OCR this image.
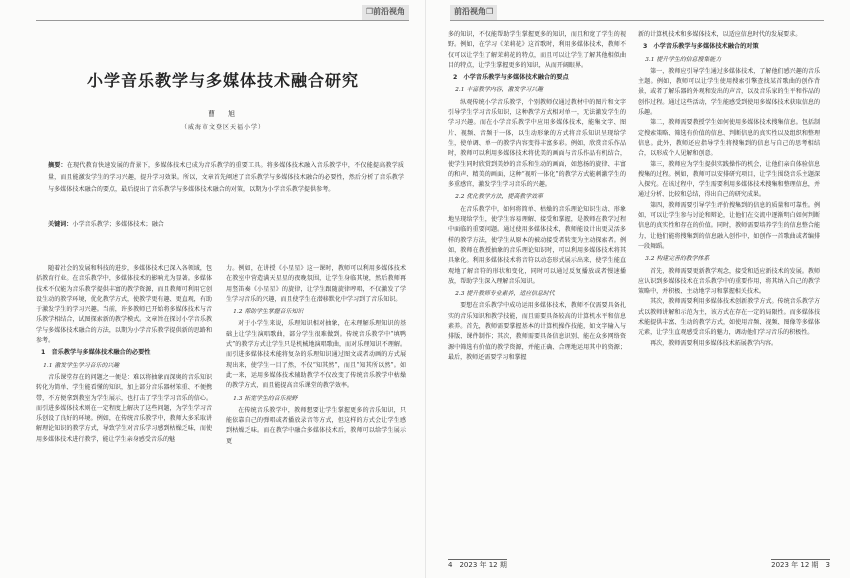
❒前沿视角
小学音乐教学与多媒体技术融合研究
曹　旭
（威海市文登区天福小学）
摘要：在现代教育快速发展的背景下，多媒体技术已成为音乐教学的重要工具。将多媒体技术融入音乐教学中，不仅能提高教学质量，而且能激发学生的学习兴趣，提升学习效果。所以，文章首先阐述了音乐教学与多媒体技术融合的必要性，然后分析了音乐教学与多媒体技术融合的要点，最后提出了音乐教学与多媒体技术融合的对策，以期为小学音乐教学提供参考。
关键词：小学音乐教学；多媒体技术；融合
随着社会的发展和科技的进步，多媒体技术已深入各领域，包括教育行业。在音乐教学中，多媒体技术的影响尤为显著。多媒体技术不仅能为音乐教学提供丰富的教学资源，而且教师可利用它创设生动的教学环境，优化教学方式，使教学更有趣、更直观，有助于激发学生的学习兴趣。当前，许多教师已开始将多媒体技术与音乐教学相结合，试图探索新的教学模式。文章旨在探讨小学音乐教学与多媒体技术融合的方法，以期为小学音乐教学提供新的思路和参考。
1　音乐教学与多媒体技术融合的必要性
1.1 激发学生学习音乐的兴趣
音乐课堂存在的问题之一便是：难以将抽象而深奥的音乐知识转化为简单、学生能看懂的知识，加上部分音乐器材笨重、不便携带，不方便拿到教室为学生展示，也打击了学生学习音乐的信心。而引进多媒体技术则在一定程度上解决了这些问题，为学生学习音乐创设了良好的环境。例如，在传统音乐教学中，教师大多采取讲解理论知识的教学方式，导致学生对音乐学习感到枯燥乏味，而使用多媒体技术进行教学，能让学生亲身感受音乐的魅
力。例如，在讲授《小星星》这一课时，教师可以利用多媒体技术在教室中营造满天星星的夜晚氛围，让学生身临其境，然后教师再用竖笛奏《小星星》的旋律，让学生跟随旋律哼唱，不仅激发了学生学习音乐的兴趣，而且使学生在潜移默化中学习到了音乐知识。
1.2 帮助学生掌握音乐知识
对于小学生来说，乐理知识相对抽象，在未理解乐理知识的基础上让学生演唱歌曲，部分学生很难做到。传统音乐教学中“填鸭式”的教学方式让学生只是机械地演唱歌曲，而对乐理知识不理解。而引进多媒体技术能将复杂的乐理知识通过图文或者动画的方式展现出来，使学生一目了然，不仅“知其然”，而且“知其所以然”。如此一来，运用多媒体技术辅助教学不仅改变了传统音乐教学中枯燥的教学方式，而且能提高音乐课堂的教学效率。
1.3 拓宽学生的音乐视野
在传统音乐教学中，教师想要让学生掌握更多的音乐知识，只能依靠自己的弹唱或者播放录音等方式，但这样的方式会让学生感到枯燥乏味。而在教学中融合多媒体技术后，教师可以给学生展示更
2023 年 12 期　3
前沿视角❒
多的知识，不仅能帮助学生掌握更多的知识，而且和宽了学生的视野。例如，在学习《茉莉花》这首歌时，利用多媒体技术，教师不仅可以让学生了解茉莉花的特点，而且可以让学生了解其他相似曲目的特点，让学生掌握更多的知识，从而开阔眼界。
2　小学音乐教学与多媒体技术融合的要点
2.1 丰富教学内容，激发学习兴趣
纵观传统小学音乐教学，个别教师仅通过教材中的图片和文字引导学生学习音乐知识，这种教学方式相对单一，无法激发学生的学习兴趣。而在小学音乐教学中应用多媒体技术，能集文字、图片、视频、音频于一体，以生动形象的方式将音乐知识呈现给学生，使单调、单一的教学内容变得丰富多彩。例如，欣赏音乐作品时，教师可以利用多媒体技术将优美的画面与音乐作品有机结合，使学生同时欣赏到美妙的音乐和生动的画面，如悠扬的旋律、丰富的和声、精美的画面，这种“视听一体化”的教学方式能刺激学生的多重感官，激发学生学习音乐的兴趣。
2.2 优化教学方法，提高教学效率
在音乐教学中，如何将简单、枯燥的音乐理论知识生动、形象地呈现给学生，使学生容易理解、接受和掌握，是教师在教学过程中面临的重要问题。通过使用多媒体技术，教师能设计出更灵活多样的教学方法，使学生从原本的被动接受者转变为主动探索者。例如，教师在教授抽象的音乐理论知识时，可以利用多媒体技术将其具象化。利用多媒体技术将音符以动态形式展示出来，使学生能直观地了解音符的形状和变化，同时可以通过反复播放或者慢速播放，帮助学生深入理解音乐知识。
2.3 提升教师专业素养，适应信息时代
要想在音乐教学中成功运用多媒体技术，教师不仅需要具备扎实的音乐知识和教学技能，而且需要具备较高的计算机水平和信息素养。首先，教师需要掌握基本的计算机操作技能，如文字输入与排版、课件制作；其次，教师需要具备信息识别、能在众多网络资源中筛选有价值的教学资源，并能正确、合理地运用其中的资源；最后，教师还需要学习和掌握
新的计算机技术和多媒体技术，以适应信息时代的发展要求。
3　小学音乐教学与多媒体技术融合的对策
3.1 提升学生的信息搜集能力
第一，教师应引导学生通过多媒体技术，了解他们感兴趣的音乐主题。例如，教师可以让学生使用搜索引擎查找某首歌曲的创作背景，或者了解乐器的外观和发出的声音，以及音乐家的生平和作品的创作过程。通过这些活动，学生能感受到使用多媒体技术获取信息的乐趣。
第二，教师需要教授学生如何使用多媒体技术搜集信息。包括制定搜索策略、筛选有价值的信息、判断信息的真实性以及组织和整理信息。此外，教师还应指导学生将搜集到的信息与自己的思考相结合，以形成个人见解和创意。
第三，教师应为学生提供实践操作的机会，让他们亲自体验信息搜集的过程。例如，教师可以安排研究项目，让学生围绕音乐主题深入探究。在该过程中，学生需要利用多媒体技术搜集和整理信息，并通过分析、比较和总结，得出自己的研究成果。
第四，教师需要引导学生评价搜集到的信息的质量和可靠性。例如，可以让学生参与讨论和辩论，让他们在交流中逐渐明白如何判断信息的真实性和存在的价值。同时，教师需要培养学生的信息整合能力，让他们能将搜集到的信息融入创作中，如创作一首歌曲或者编排一段舞蹈。
3.2 构建完善的教学体系
首先，教师需要更新教学观念，接受和适应新技术的发展。教师应认识到多媒体技术在音乐教学中的重要作用，将其纳入自己的教学策略中，并积极、主动地学习和掌握相关技术。
其次，教师需要利用多媒体技术创新教学方式。传统音乐教学方式以教师讲解和示范为主，该方式在存在一定的局限性。而多媒体技术能提供丰富、生动的教学方式，如使用音频、视频、图像等多媒体元素，让学生直观感受音乐的魅力，调动他们学习音乐的积极性。
再次，教师需要利用多媒体技术拓展教学内容。
4　2023 年 12 期
